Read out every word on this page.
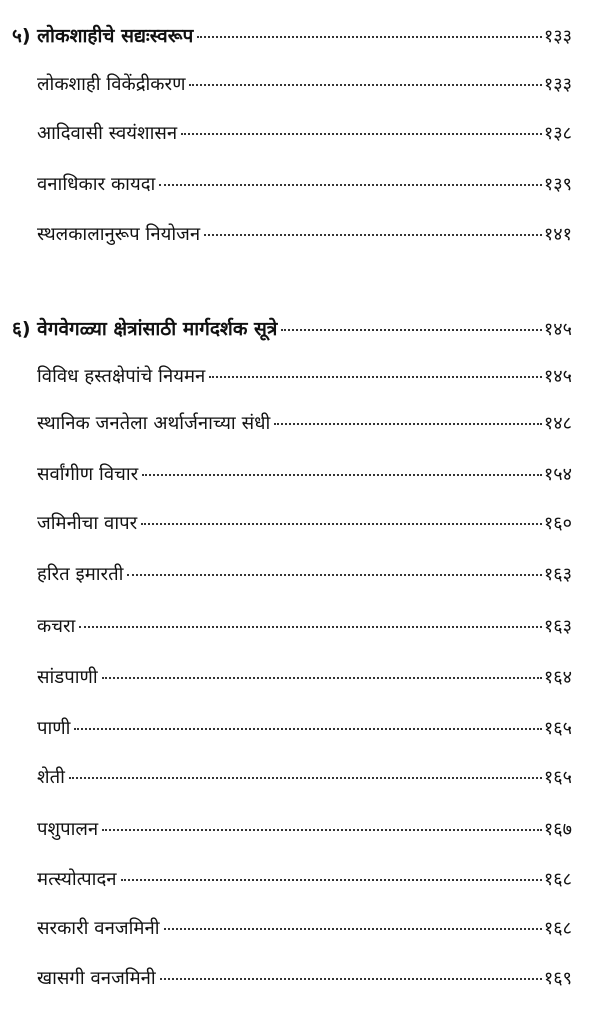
५) लोकशाहीचे सद्यःस्वरूप	१३३
लोकशाही विकेंद्रीकरण	१३३
आदिवासी स्वयंशासन	१३८
वनाधिकार कायदा	१३९
स्थलकालानुरूप नियोजन	१४१
६) वेगवेगळ्या क्षेत्रांसाठी मार्गदर्शक सूत्रे	१४५
विविध हस्तक्षेपांचे नियमन	१४५
स्थानिक जनतेला अर्थार्जनाच्या संधी	१४८
सर्वांगीण विचार	१५४
जमिनीचा वापर	१६०
हरित इमारती	१६३
कचरा	१६३
सांडपाणी	१६४
पाणी	१६५
शेती	१६५
पशुपालन	१६७
मत्स्योत्पादन	१६८
सरकारी वनजमिनी	१६८
खासगी वनजमिनी	१६९
